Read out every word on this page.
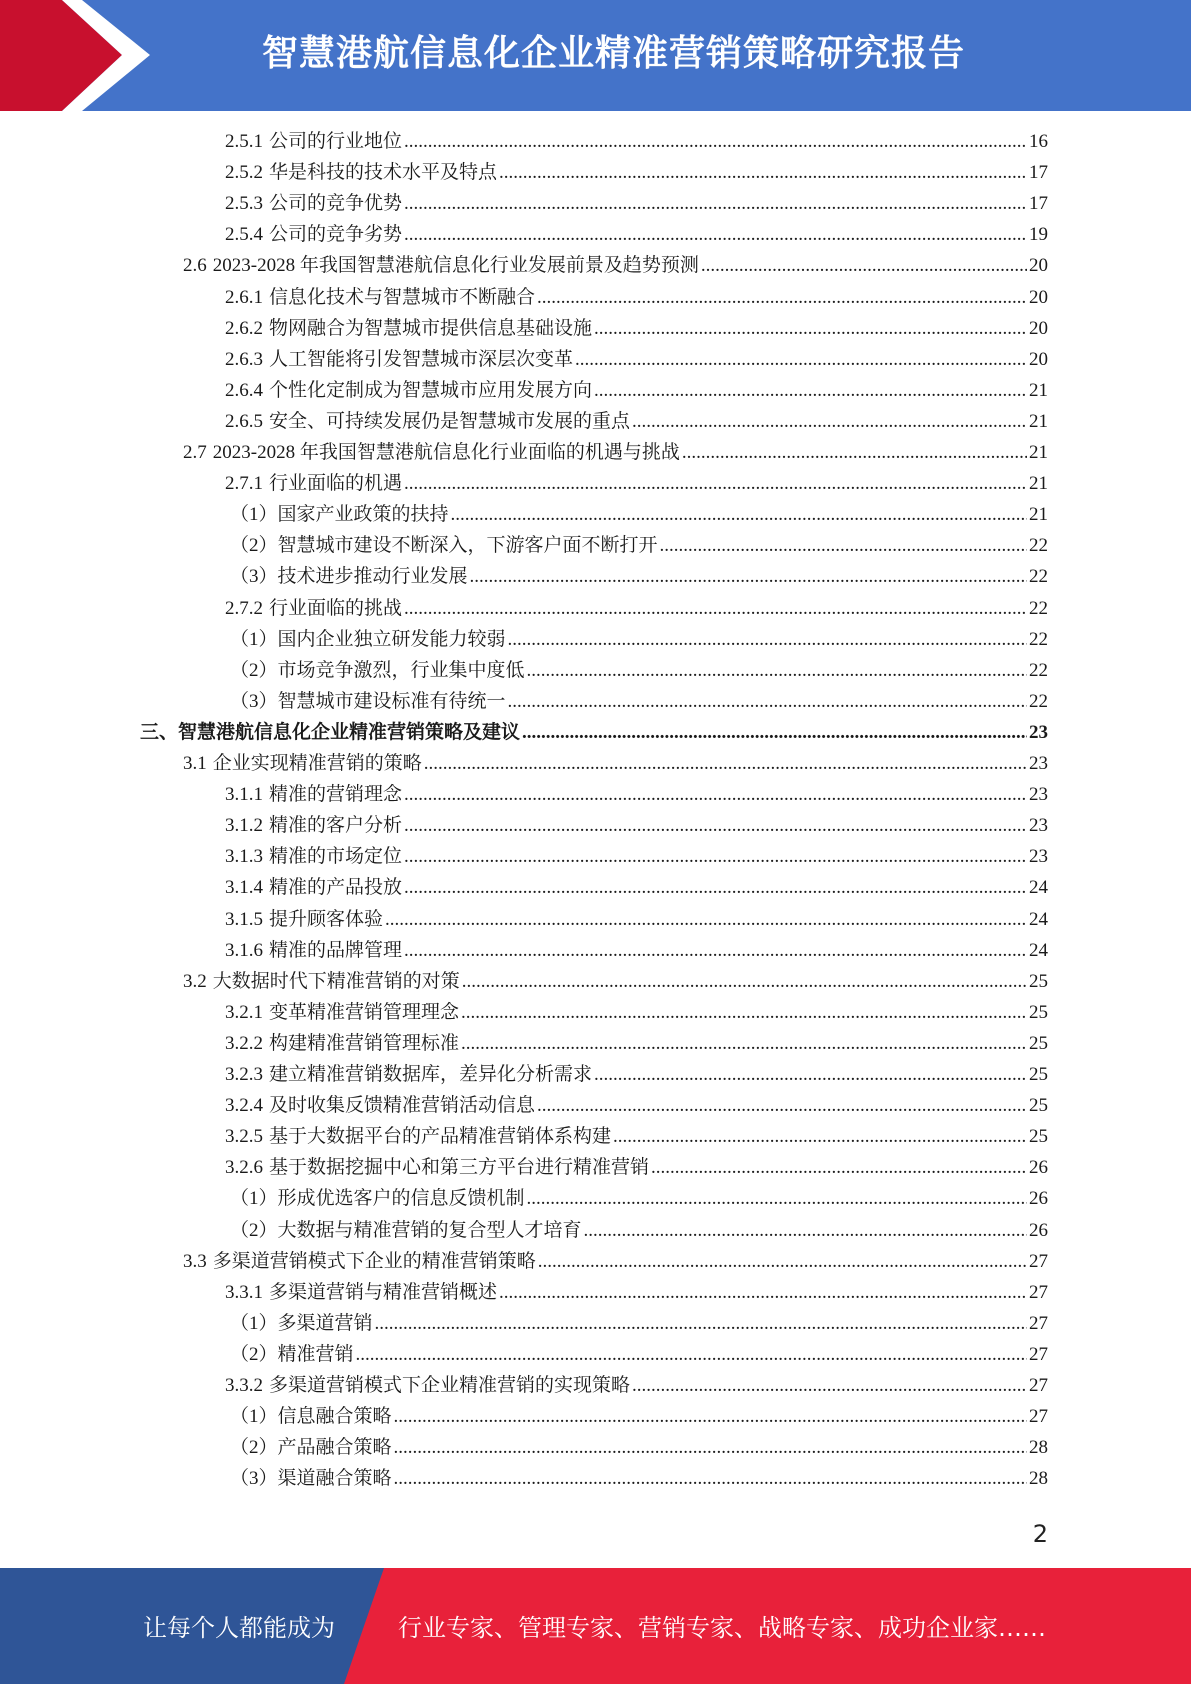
智慧港航信息化企业精准营销策略研究报告
2.5.1 公司的行业地位 .....	16
2.5.2 华是科技的技术水平及特点 .....	17
2.5.3 公司的竞争优势 .....	17
2.5.4 公司的竞争劣势 .....	19
2.6 2023-2028 年我国智慧港航信息化行业发展前景及趋势预测 .....	20
2.6.1 信息化技术与智慧城市不断融合 .....	20
2.6.2 物网融合为智慧城市提供信息基础设施 .....	20
2.6.3 人工智能将引发智慧城市深层次变革 .....	20
2.6.4 个性化定制成为智慧城市应用发展方向 .....	21
2.6.5 安全、可持续发展仍是智慧城市发展的重点 .....	21
2.7 2023-2028 年我国智慧港航信息化行业面临的机遇与挑战 .....	21
2.7.1 行业面临的机遇 .....	21
（1） 国家产业政策的扶持 .....	21
（2） 智慧城市建设不断深入，下游客户面不断打开 .....	22
（3） 技术进步推动行业发展 .....	22
2.7.2 行业面临的挑战 .....	22
（1） 国内企业独立研发能力较弱 .....	22
（2） 市场竞争激烈，行业集中度低 .....	22
（3） 智慧城市建设标准有待统一 .....	22
三、 智慧港航信息化企业精准营销策略及建议 .....	23
3.1 企业实现精准营销的策略 .....	23
3.1.1 精准的营销理念 .....	23
3.1.2 精准的客户分析 .....	23
3.1.3 精准的市场定位 .....	23
3.1.4 精准的产品投放 .....	24
3.1.5 提升顾客体验 .....	24
3.1.6 精准的品牌管理 .....	24
3.2 大数据时代下精准营销的对策 .....	25
3.2.1 变革精准营销管理理念 .....	25
3.2.2 构建精准营销管理标准 .....	25
3.2.3 建立精准营销数据库，差异化分析需求 .....	25
3.2.4 及时收集反馈精准营销活动信息 .....	25
3.2.5 基于大数据平台的产品精准营销体系构建 .....	25
3.2.6 基于数据挖掘中心和第三方平台进行精准营销 .....	26
（1） 形成优选客户的信息反馈机制 .....	26
（2） 大数据与精准营销的复合型人才培育 .....	26
3.3 多渠道营销模式下企业的精准营销策略 .....	27
3.3.1 多渠道营销与精准营销概述 .....	27
（1） 多渠道营销 .....	27
（2） 精准营销 .....	27
3.3.2 多渠道营销模式下企业精准营销的实现策略 .....	27
（1） 信息融合策略 .....	27
（2） 产品融合策略 .....	28
（3） 渠道融合策略 .....	28
2
让每个人都能成为	行业专家、管理专家、营销专家、战略专家、成功企业家……
